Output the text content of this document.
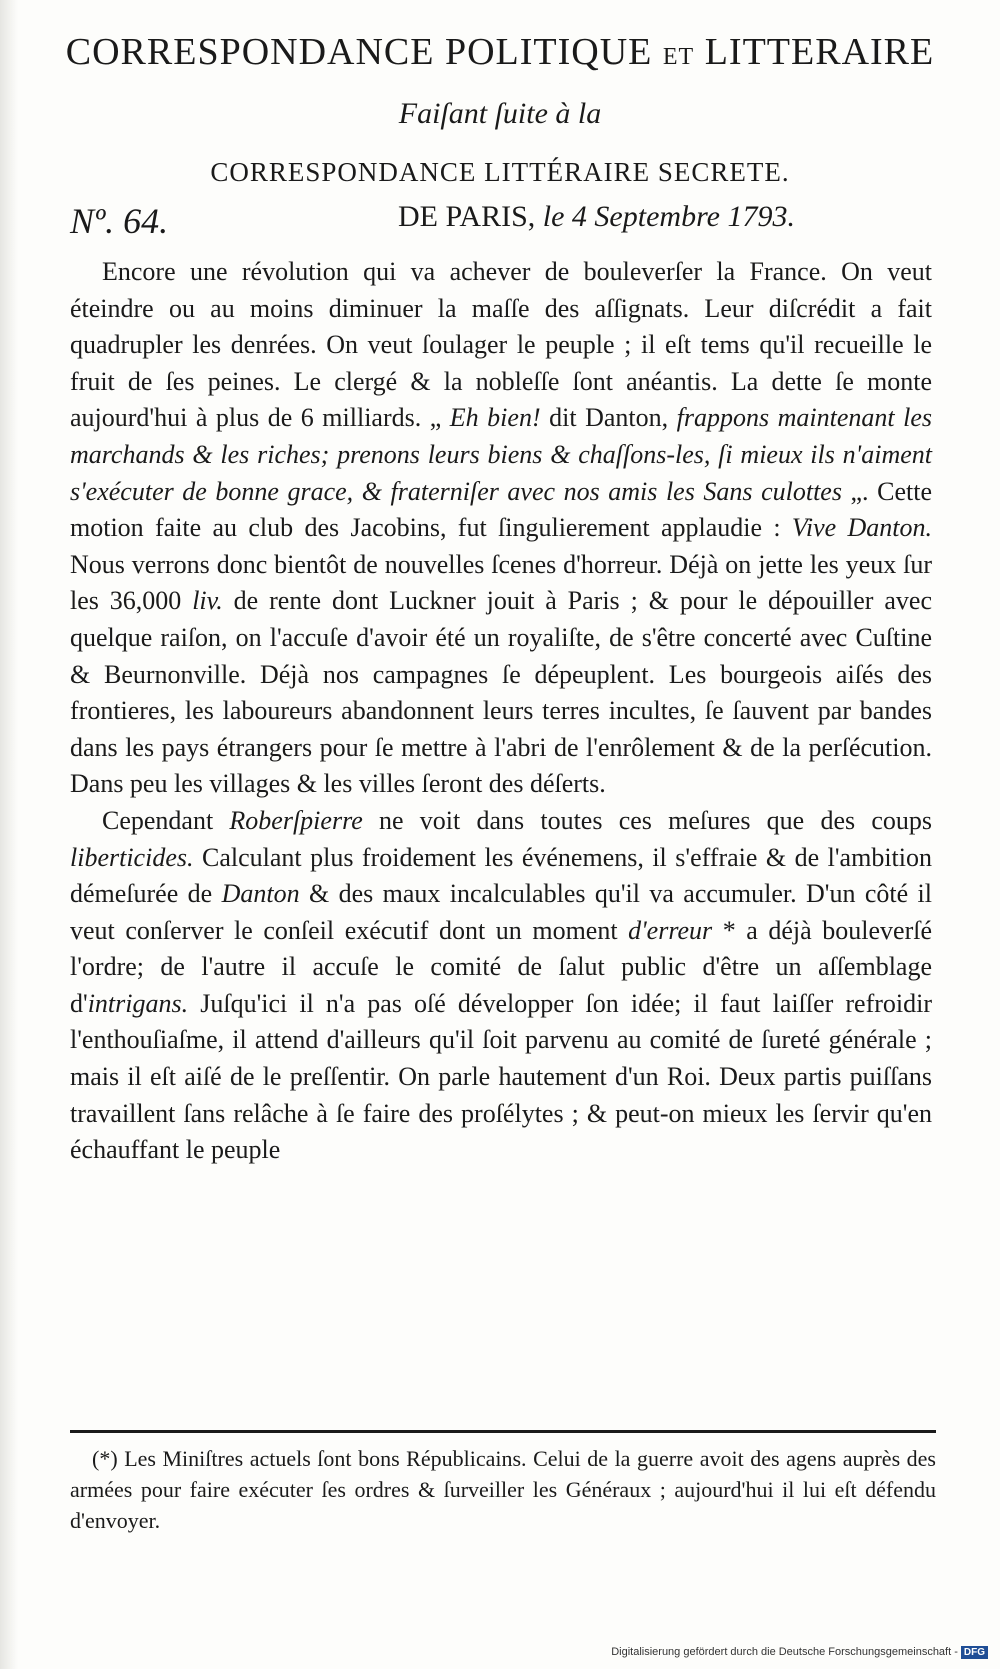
CORRESPONDANCE POLITIQUE ET LITTERAIRE
Faiſant ſuite à la
CORRESPONDANCE LITTÉRAIRE SECRETE.
Nº. 64.	DE PARIS, le 4 Septembre 1793.

Encore une révolution qui va achever de bouleverſer la France. On veut éteindre ou au moins diminuer la maſſe des aſſignats. Leur diſcrédit a fait quadrupler les denrées. On veut ſoulager le peuple ; il eſt tems qu'il recueille le fruit de ſes peines. Le clergé & la nobleſſe ſont anéantis. La dette ſe monte aujourd'hui à plus de 6 milliards. „ Eh bien! dit Danton, frappons maintenant les marchands & les riches; prenons leurs biens & chaſſons-les, ſi mieux ils n'aiment s'exécuter de bonne grace, & fraterniſer avec nos amis les Sans culottes „. Cette motion faite au club des Jacobins, fut ſingulierement applaudie : Vive Danton. Nous verrons donc bientôt de nouvelles ſcenes d'horreur. Déjà on jette les yeux ſur les 36,000 liv. de rente dont Luckner jouit à Paris ; & pour le dépouiller avec quelque raiſon, on l'accuſe d'avoir été un royaliſte, de s'être concerté avec Cuſtine & Beurnonville. Déjà nos campagnes ſe dépeuplent. Les bourgeois aiſés des frontieres, les laboureurs abandonnent leurs terres incultes, ſe ſauvent par bandes dans les pays étrangers pour ſe mettre à l'abri de l'enrôlement & de la perſécution. Dans peu les villages & les villes ſeront des déſerts.

Cependant Roberſpierre ne voit dans toutes ces meſures que des coups liberticides. Calculant plus froidement les événemens, il s'effraie & de l'ambition démeſurée de Danton & des maux incalculables qu'il va accumuler. D'un côté il veut conſerver le conſeil exécutif dont un moment d'erreur * a déjà bouleverſé l'ordre; de l'autre il accuſe le comité de ſalut public d'être un aſſemblage d'intrigans. Juſqu'ici il n'a pas oſé développer ſon idée; il faut laiſſer refroidir l'enthouſiaſme, il attend d'ailleurs qu'il ſoit parvenu au comité de ſureté générale ; mais il eſt aiſé de le preſſentir. On parle hautement d'un Roi. Deux partis puiſſans travaillent ſans relâche à ſe faire des proſélytes ; & peut-on mieux les ſervir qu'en échauffant le peuple

(*) Les Miniſtres actuels ſont bons Républicains. Celui de la guerre avoit des agens auprès des armées pour faire exécuter ſes ordres & ſurveiller les Généraux ; aujourd'hui il lui eſt défendu d'envoyer.

Digitalisierung gefördert durch die Deutsche Forschungsgemeinschaft - DFG
